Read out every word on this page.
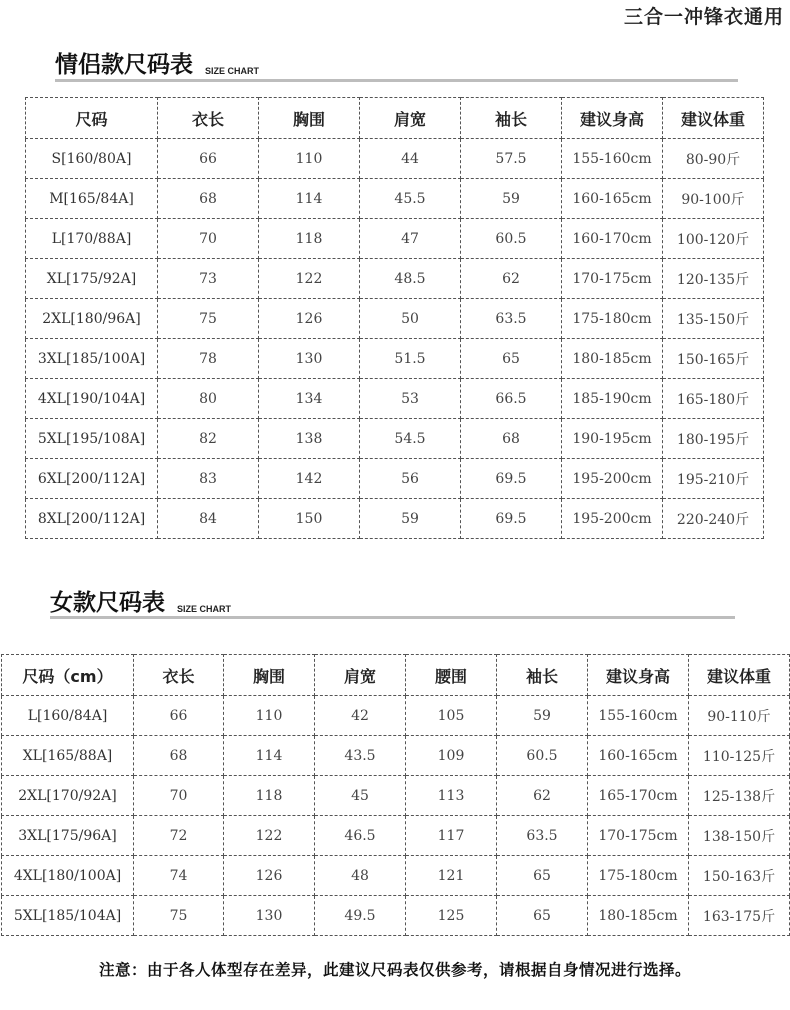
三合一冲锋衣通用
情侣款尺码表 SIZE CHART
尺码	衣长	胸围	肩宽	袖长	建议身高	建议体重
S[160/80A]	66	110	44	57.5	155-160cm	80-90斤
M[165/84A]	68	114	45.5	59	160-165cm	90-100斤
L[170/88A]	70	118	47	60.5	160-170cm	100-120斤
XL[175/92A]	73	122	48.5	62	170-175cm	120-135斤
2XL[180/96A]	75	126	50	63.5	175-180cm	135-150斤
3XL[185/100A]	78	130	51.5	65	180-185cm	150-165斤
4XL[190/104A]	80	134	53	66.5	185-190cm	165-180斤
5XL[195/108A]	82	138	54.5	68	190-195cm	180-195斤
6XL[200/112A]	83	142	56	69.5	195-200cm	195-210斤
8XL[200/112A]	84	150	59	69.5	195-200cm	220-240斤
女款尺码表 SIZE CHART
尺码（cm）	衣长	胸围	肩宽	腰围	袖长	建议身高	建议体重
L[160/84A]	66	110	42	105	59	155-160cm	90-110斤
XL[165/88A]	68	114	43.5	109	60.5	160-165cm	110-125斤
2XL[170/92A]	70	118	45	113	62	165-170cm	125-138斤
3XL[175/96A]	72	122	46.5	117	63.5	170-175cm	138-150斤
4XL[180/100A]	74	126	48	121	65	175-180cm	150-163斤
5XL[185/104A]	75	130	49.5	125	65	180-185cm	163-175斤
注意：由于各人体型存在差异，此建议尺码表仅供参考，请根据自身情况进行选择。
